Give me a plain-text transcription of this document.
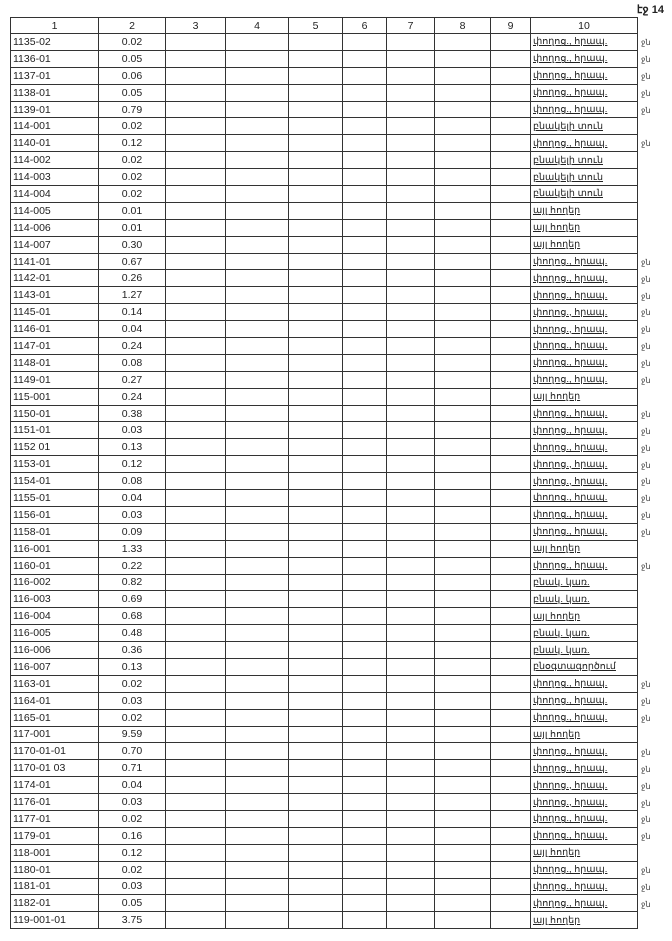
էջ 14
1	2	3	4	5	6	7	8	9	10
1135-02	0.02								փողոց., հրապ.
1136-01	0.05								փողոց., հրապ.
1137-01	0.06								փողոց., հրապ.
1138-01	0.05								փողոց., հրապ.
1139-01	0.79								փողոց., հրապ.
114-001	0.02								բնակելի տուն
1140-01	0.12								փողոց., հրապ.
114-002	0.02								բնակելի տուն
114-003	0.02								բնակելի տուն
114-004	0.02								բնակելի տուն
114-005	0.01								այլ հողեր
114-006	0.01								այլ հողեր
114-007	0.30								այլ հողեր
1141-01	0.67								փողոց., հրապ.
1142-01	0.26								փողոց., հրապ.
1143-01	1.27								փողոց., հրապ.
1145-01	0.14								փողոց., հրապ.
1146-01	0.04								փողոց., հրապ.
1147-01	0.24								փողոց., հրապ.
1148-01	0.08								փողոց., հրապ.
1149-01	0.27								փողոց., հրապ.
115-001	0.24								այլ հողեր
1150-01	0.38								փողոց., հրապ.
1151-01	0.03								փողոց., հրապ.
1152 01	0.13								փողոց., հրապ.
1153-01	0.12								փողոց., հրապ.
1154-01	0.08								փողոց., հրապ.
1155-01	0.04								փողոց., հրապ.
1156-01	0.03								փողոց., հրապ.
1158-01	0.09								փողոց., հրապ.
116-001	1.33								այլ հողեր
1160-01	0.22								փողոց., հրապ.
116-002	0.82								բնակ. կառ.
116-003	0.69								բնակ. կառ.
116-004	0.68								այլ հողեր
116-005	0.48								բնակ. կառ.
116-006	0.36								բնակ. կառ.
116-007	0.13								բնօգտագործում
1163-01	0.02								փողոց., հրապ.
1164-01	0.03								փողոց., հրապ.
1165-01	0.02								փողոց., հրապ.
117-001	9.59								այլ հողեր
1170-01-01	0.70								փողոց., հրապ.
1170-01 03	0.71								փողոց., հրապ.
1174-01	0.04								փողոց., հրապ.
1176-01	0.03								փողոց., հրապ.
1177-01	0.02								փողոց., հրապ.
1179-01	0.16								փողոց., հրապ.
118-001	0.12								այլ հողեր
1180-01	0.02								փողոց., հրապ.
1181-01	0.03								փողոց., հրապ.
1182-01	0.05								փողոց., հրապ.
119-001-01	3.75								այլ հողեր
ջն
ջն
ջն
ջն
ջն
ջն
ջն
ջն
ջն
ջն
ջն
ջն
ջն
ջն
ջն
ջն
ջն
ջն
ջն
ջն
ջն
ջն
ջն
ջն
ջն
ջն
ջն
ջն
ջն
ջն
ջն
ջն
ջն
ջն
ջն
